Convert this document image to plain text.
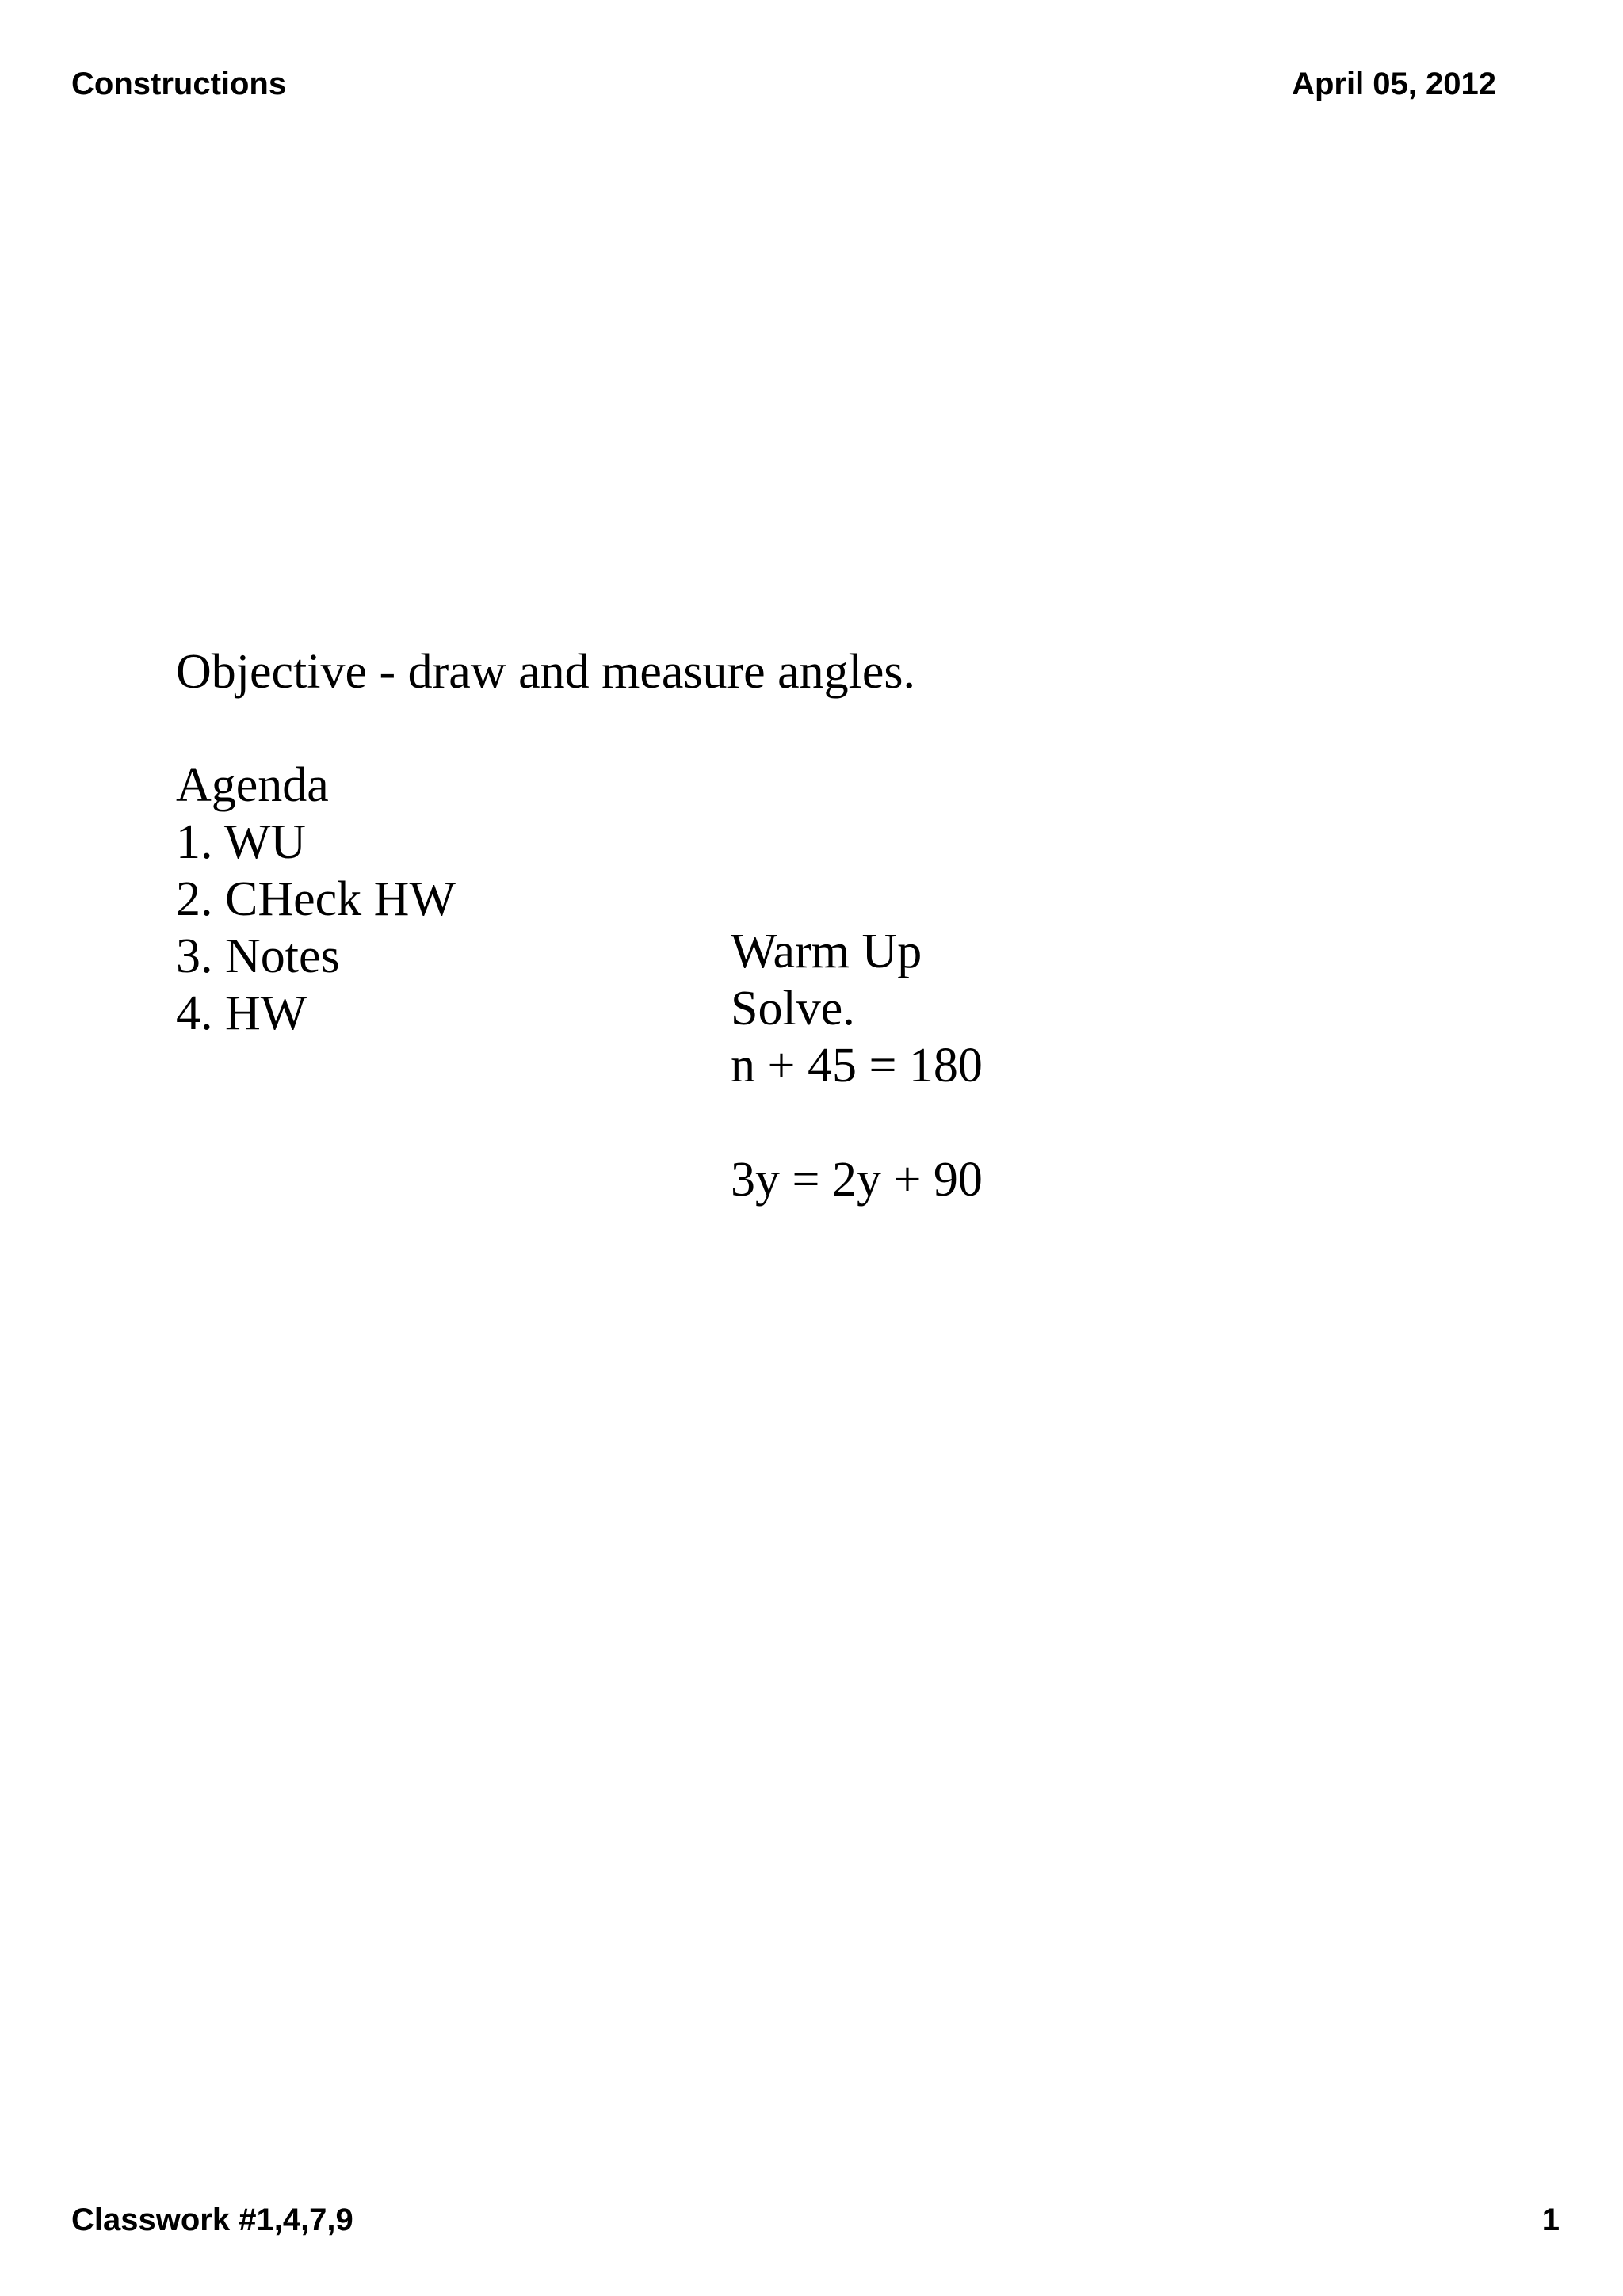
Constructions	April 05, 2012
Objective - draw and measure angles.
Agenda
1. WU
2. CHeck HW
3. Notes
4. HW
Warm Up
Solve.
n + 45 = 180
3y = 2y + 90
Classwork #1,4,7,9	1
